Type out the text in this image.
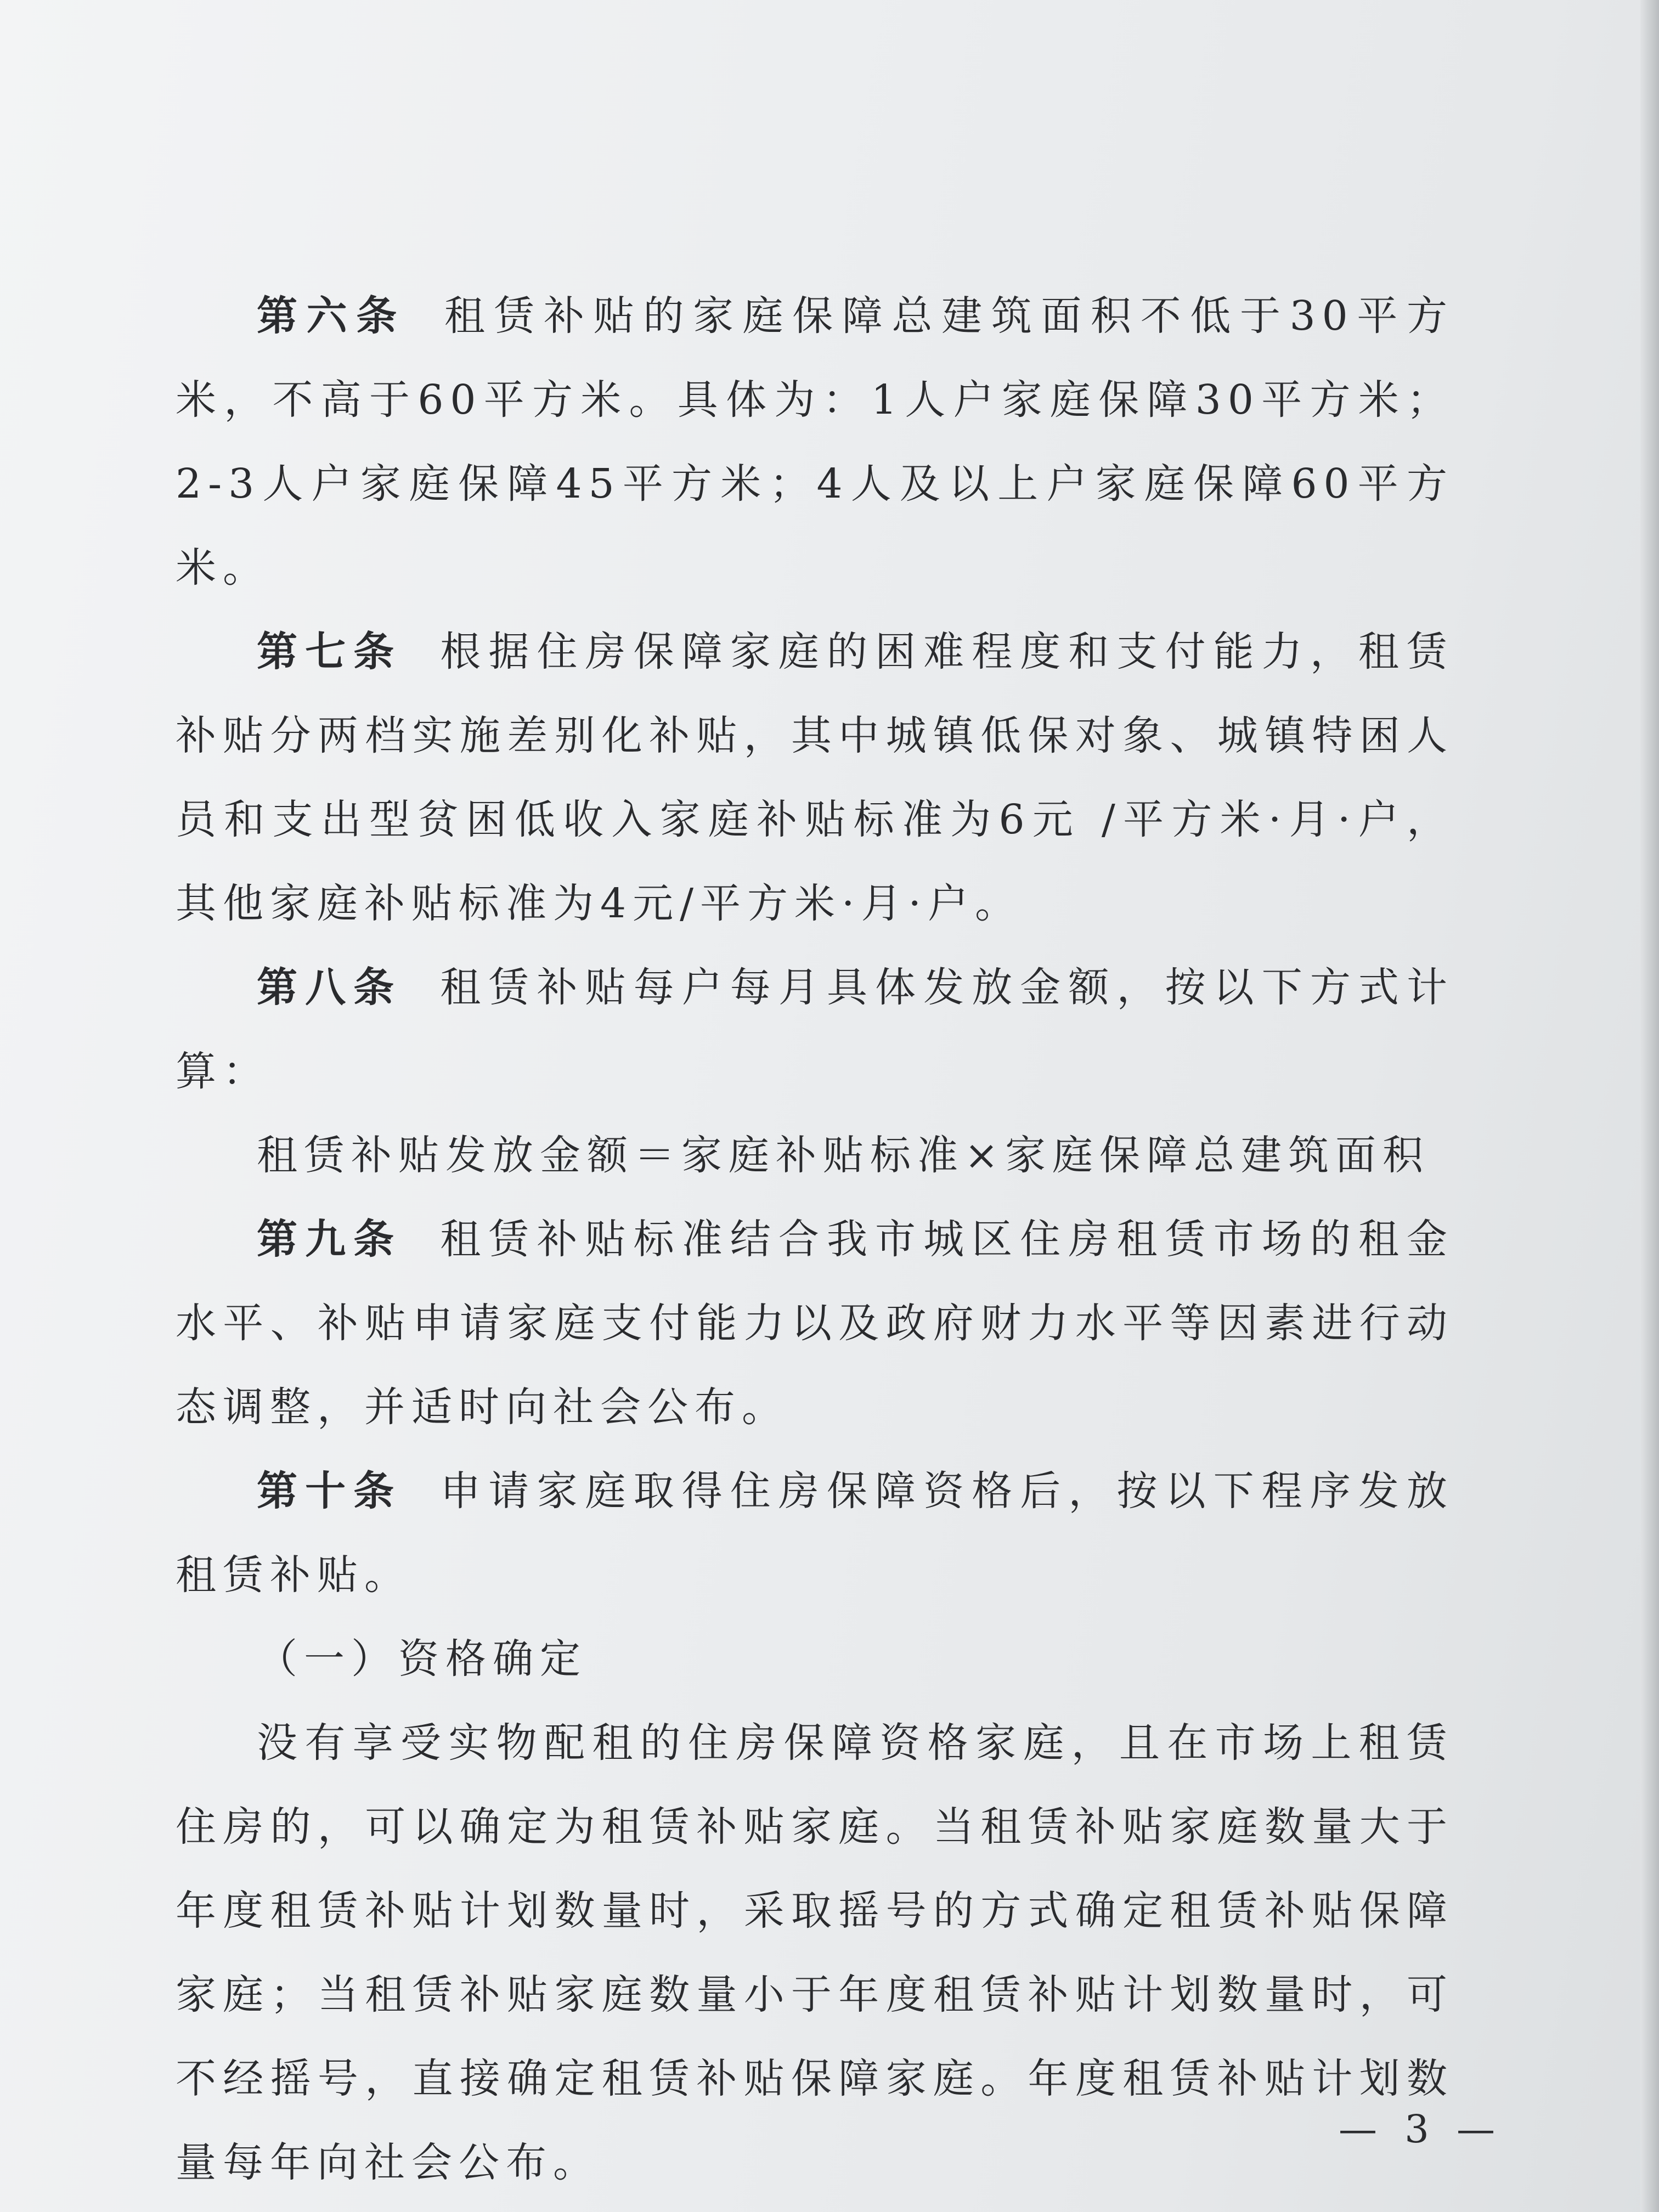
第六条 租赁补贴的家庭保障总建筑面积不低于30平方米，不高于60平方米。具体为：1人户家庭保障30平方米；2-3人户家庭保障45平方米；4人及以上户家庭保障60平方米。

第七条 根据住房保障家庭的困难程度和支付能力，租赁补贴分两档实施差别化补贴，其中城镇低保对象、城镇特困人员和支出型贫困低收入家庭补贴标准为6元 /平方米·月·户，其他家庭补贴标准为4元/平方米·月·户。

第八条 租赁补贴每户每月具体发放金额，按以下方式计算：

租赁补贴发放金额＝家庭补贴标准×家庭保障总建筑面积

第九条 租赁补贴标准结合我市城区住房租赁市场的租金水平、补贴申请家庭支付能力以及政府财力水平等因素进行动态调整，并适时向社会公布。

第十条 申请家庭取得住房保障资格后，按以下程序发放租赁补贴。

（一）资格确定

没有享受实物配租的住房保障资格家庭，且在市场上租赁住房的，可以确定为租赁补贴家庭。当租赁补贴家庭数量大于年度租赁补贴计划数量时，采取摇号的方式确定租赁补贴保障家庭；当租赁补贴家庭数量小于年度租赁补贴计划数量时，可不经摇号，直接确定租赁补贴保障家庭。年度租赁补贴计划数量每年向社会公布。

— 3 —
